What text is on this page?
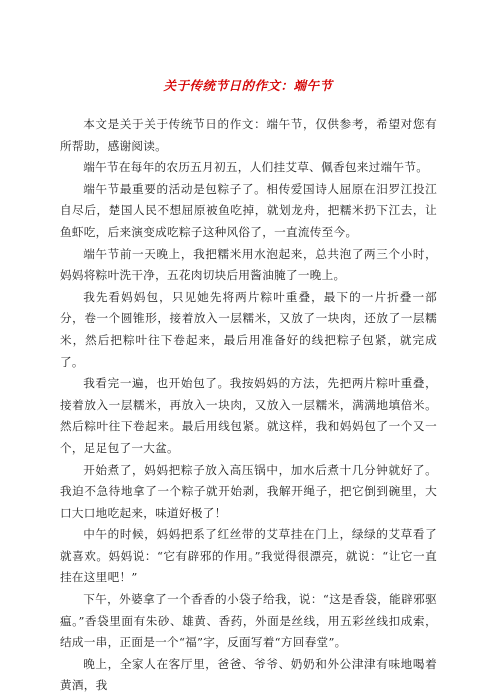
关于传统节日的作文：端午节

本文是关于关于传统节日的作文：端午节，仅供参考，希望对您有所帮助，感谢阅读。

端午节在每年的农历五月初五，人们挂艾草、佩香包来过端午节。

端午节最重要的活动是包粽子了。相传爱国诗人屈原在汨罗江投江自尽后，楚国人民不想屈原被鱼吃掉，就划龙舟，把糯米扔下江去，让鱼虾吃，后来演变成吃粽子这种风俗了，一直流传至今。

端午节前一天晚上，我把糯米用水泡起来，总共泡了两三个小时，妈妈将粽叶洗干净，五花肉切块后用酱油腌了一晚上。

我先看妈妈包，只见她先将两片粽叶重叠，最下的一片折叠一部分，卷一个圆锥形，接着放入一层糯米，又放了一块肉，还放了一层糯米，然后把粽叶往下卷起来，最后用准备好的线把粽子包紧，就完成了。

我看完一遍，也开始包了。我按妈妈的方法，先把两片粽叶重叠，接着放入一层糯米，再放入一块肉，又放入一层糯米，满满地填倍米。然后粽叶往下卷起来。最后用线包紧。就这样，我和妈妈包了一个又一个，足足包了一大盆。

开始煮了，妈妈把粽子放入高压锅中，加水后煮十几分钟就好了。我迫不急待地拿了一个粽子就开始剥，我解开绳子，把它倒到碗里，大口大口地吃起来，味道好极了！

中午的时候，妈妈把系了红丝带的艾草挂在门上，绿绿的艾草看了就喜欢。妈妈说：“它有辟邪的作用。”我觉得很漂亮，就说：“让它一直挂在这里吧！”

下午，外婆拿了一个香香的小袋子给我，说：“这是香袋，能辟邪驱瘟。”香袋里面有朱砂、雄黄、香药，外面是丝线，用五彩丝线扣成索，结成一串，正面是一个“福”字，反面写着“方回春堂”。

晚上，全家人在客厅里，爸爸、爷爷、奶奶和外公津津有味地喝着黄酒，我
